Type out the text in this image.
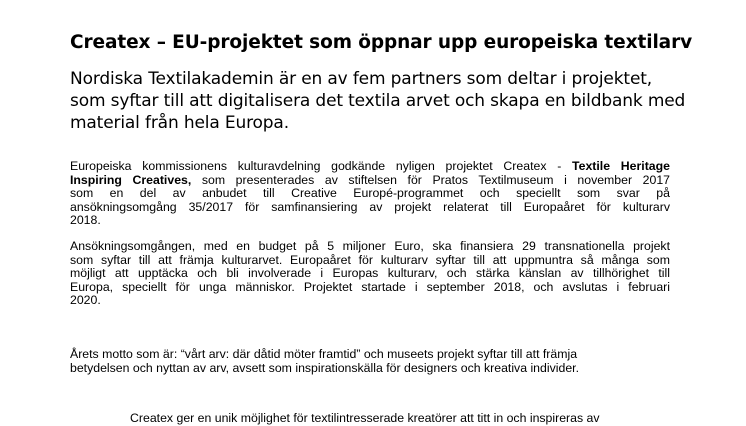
Createx – EU-projektet som öppnar upp europeiska textilarv

Nordiska Textilakademin är en av fem partners som deltar i projektet,
som syftar till att digitalisera det textila arvet och skapa en bildbank med
material från hela Europa.

Europeiska kommissionens kulturavdelning godkände nyligen projektet Createx - Textile Heritage
Inspiring Creatives, som presenterades av stiftelsen för Pratos Textilmuseum i november 2017
som en del av anbudet till Creative Europé-programmet och speciellt som svar på
ansökningsomgång 35/2017 för samfinansiering av projekt relaterat till Europaåret för kulturarv
2018.
Ansökningsomgången, med en budget på 5 miljoner Euro, ska finansiera 29 transnationella projekt
som syftar till att främja kulturarvet. Europaåret för kulturarv syftar till att uppmuntra så många som
möjligt att upptäcka och bli involverade i Europas kulturarv, och stärka känslan av tillhörighet till
Europa, speciellt för unga människor. Projektet startade i september 2018, och avslutas i februari
2020.
Årets motto som är: “vårt arv: där dåtid möter framtid” och museets projekt syftar till att främja
betydelsen och nyttan av arv, avsett som inspirationskälla för designers och kreativa individer.
Createx ger en unik möjlighet för textilintresserade kreatörer att titt in och inspireras av
